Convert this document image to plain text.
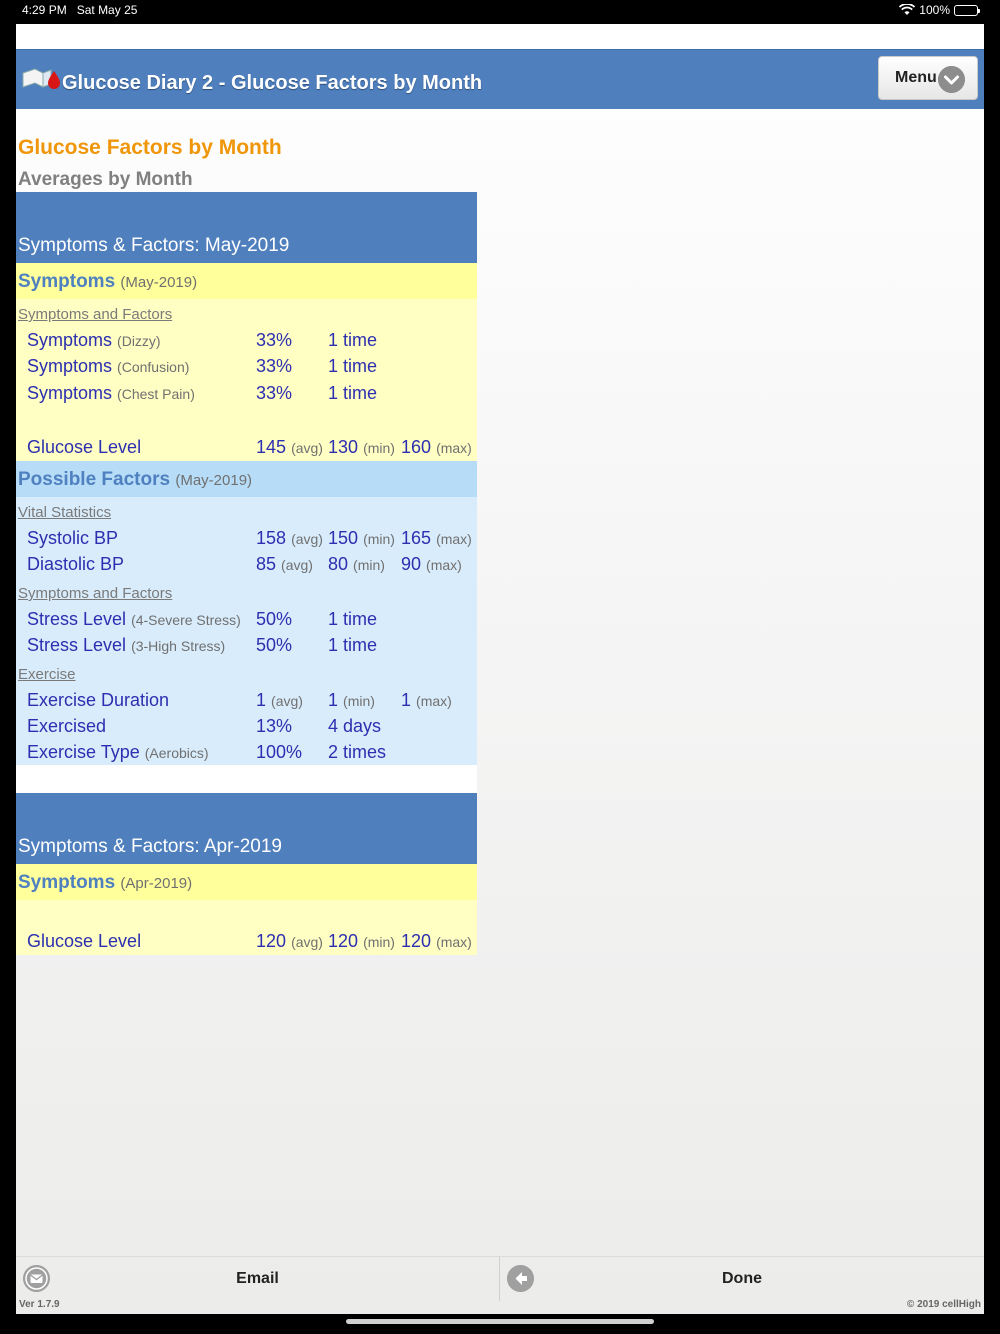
4:29 PM Sat May 25	100%
Glucose Diary 2 - Glucose Factors by Month	Menu
Glucose Factors by Month
Averages by Month
Symptoms & Factors: May-2019
Symptoms (May-2019)
Symptoms and Factors
Symptoms (Dizzy)	33% 1 time
Symptoms (Confusion)	33% 1 time
Symptoms (Chest Pain)	33% 1 time
Glucose Level	145 (avg) 130 (min) 160 (max)
Possible Factors (May-2019)
Vital Statistics
Systolic BP	158 (avg) 150 (min) 165 (max)
Diastolic BP	85 (avg) 80 (min) 90 (max)
Symptoms and Factors
Stress Level (4-Severe Stress) 50% 1 time
Stress Level (3-High Stress) 50% 1 time
Exercise
Exercise Duration	1 (avg) 1 (min) 1 (max)
Exercised	13% 4 days
Exercise Type (Aerobics)	100% 2 times
Symptoms & Factors: Apr-2019
Symptoms (Apr-2019)
Glucose Level	120 (avg) 120 (min) 120 (max)
Email	Done
Ver 1.7.9	© 2019 cellHigh
